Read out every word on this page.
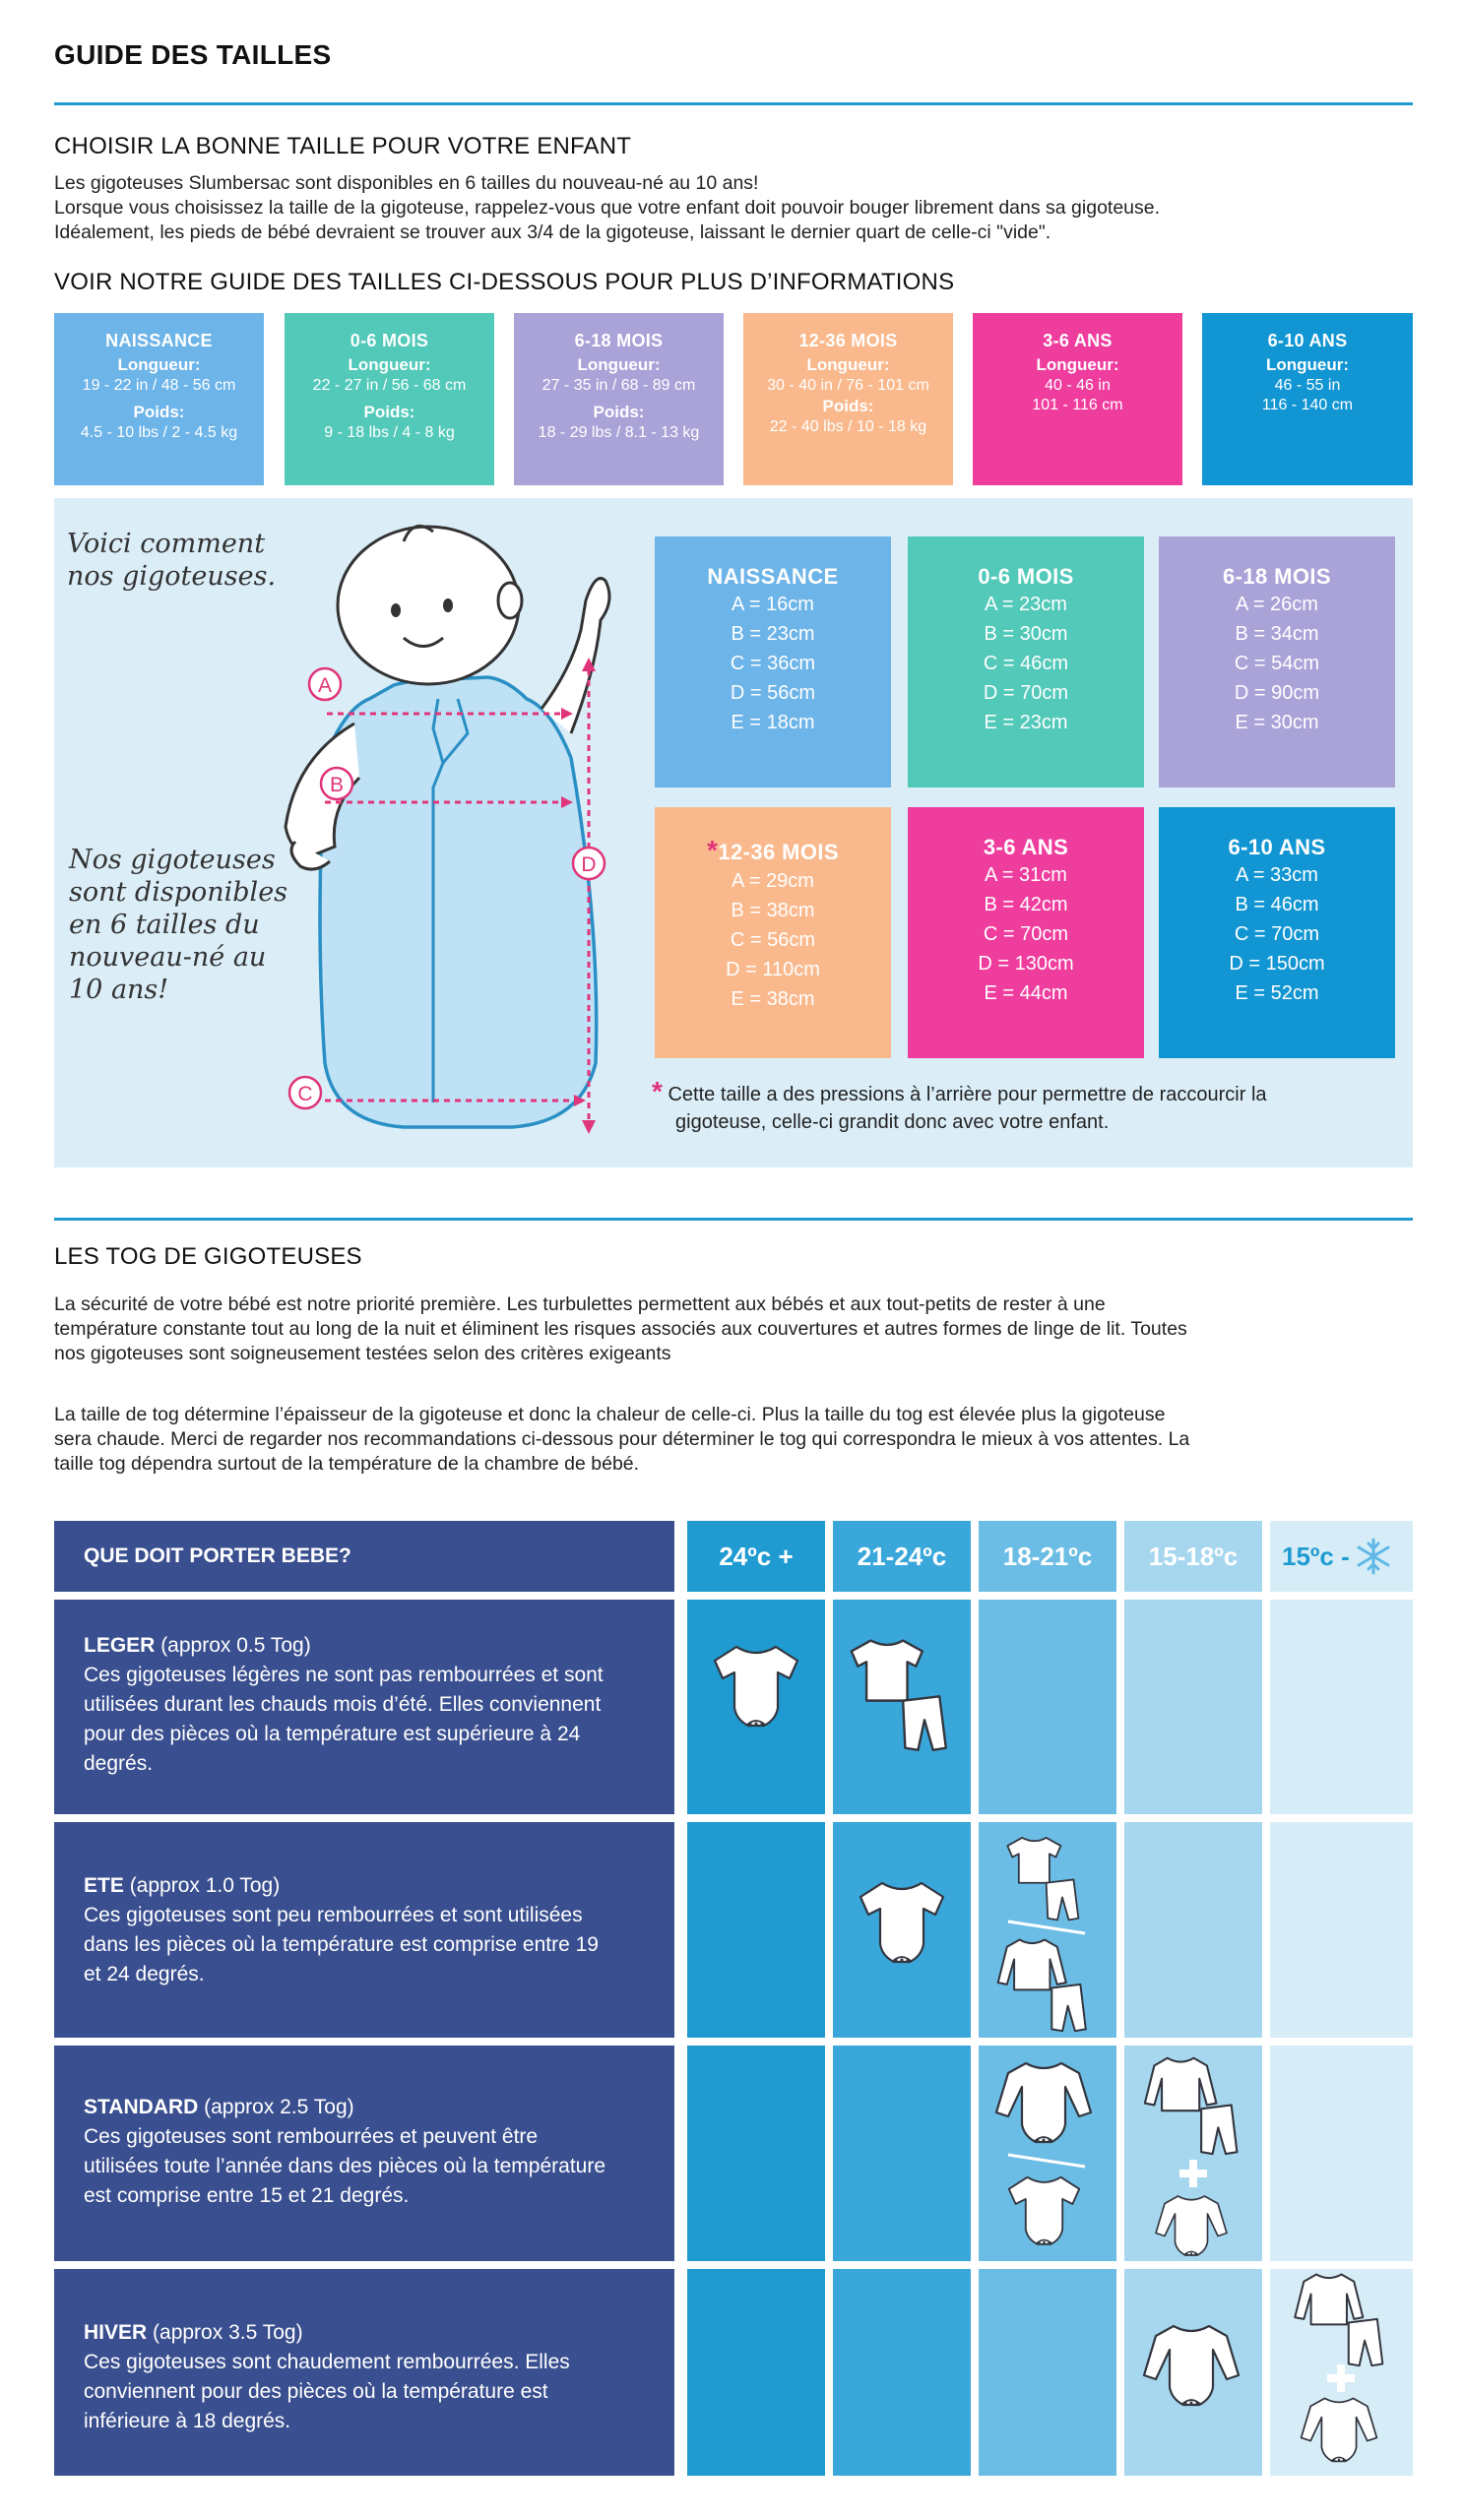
GUIDE DES TAILLES
CHOISIR LA BONNE TAILLE POUR VOTRE ENFANT
Les gigoteuses Slumbersac sont disponibles en 6 tailles du nouveau-né au 10 ans!
Lorsque vous choisissez la taille de la gigoteuse, rappelez-vous que votre enfant doit pouvoir bouger librement dans sa gigoteuse.
Idéalement, les pieds de bébé devraient se trouver aux 3/4 de la gigoteuse, laissant le dernier quart de celle-ci "vide".
VOIR NOTRE GUIDE DES TAILLES CI-DESSOUS POUR PLUS D’INFORMATIONS
NAISSANCE
Longueur:
19 - 22 in / 48 - 56 cm
Poids:
4.5 - 10 lbs / 2 - 4.5 kg
0-6 MOIS
Longueur:
22 - 27 in / 56 - 68 cm
Poids:
9 - 18 lbs / 4 - 8 kg
6-18 MOIS
Longueur:
27 - 35 in / 68 - 89 cm
Poids:
18 - 29 lbs / 8.1 - 13 kg
12-36 MOIS
Longueur:
30 - 40 in / 76 - 101 cm
Poids:
22 - 40 lbs / 10 - 18 kg
3-6 ANS
Longueur:
40 - 46 in
101 - 116 cm
6-10 ANS
Longueur:
46 - 55 in
116 - 140 cm
Voici comment
nos gigoteuses.
Nos gigoteuses
sont disponibles
en 6 tailles du
nouveau-né au
10 ans!
A
B
C
D
NAISSANCE
A = 16cm
B = 23cm
C = 36cm
D = 56cm
E = 18cm
0-6 MOIS
A = 23cm
B = 30cm
C = 46cm
D = 70cm
E = 23cm
6-18 MOIS
A = 26cm
B = 34cm
C = 54cm
D = 90cm
E = 30cm
*12-36 MOIS
A = 29cm
B = 38cm
C = 56cm
D = 110cm
E = 38cm
3-6 ANS
A = 31cm
B = 42cm
C = 70cm
D = 130cm
E = 44cm
6-10 ANS
A = 33cm
B = 46cm
C = 70cm
D = 150cm
E = 52cm
* Cette taille a des pressions à l’arrière pour permettre de raccourcir la
gigoteuse, celle-ci grandit donc avec votre enfant.
LES TOG DE GIGOTEUSES
La sécurité de votre bébé est notre priorité première. Les turbulettes permettent aux bébés et aux tout-petits de rester à une
température constante tout au long de la nuit et éliminent les risques associés aux couvertures et autres formes de linge de lit. Toutes
nos gigoteuses sont soigneusement testées selon des critères exigeants
La taille de tog détermine l’épaisseur de la gigoteuse et donc la chaleur de celle-ci. Plus la taille du tog est élevée plus la gigoteuse
sera chaude. Merci de regarder nos recommandations ci-dessous pour déterminer le tog qui correspondra le mieux à vos attentes. La
taille tog dépendra surtout de la température de la chambre de bébé.
QUE DOIT PORTER BEBE?	24ºc +	21-24ºc	18-21ºc	15-18ºc	15ºc -
LEGER (approx 0.5 Tog)
Ces gigoteuses légères ne sont pas rembourrées et sont
utilisées durant les chauds mois d’été. Elles conviennent
pour des pièces où la température est supérieure à 24
degrés.
ETE (approx 1.0 Tog)
Ces gigoteuses sont peu rembourrées et sont utilisées
dans les pièces où la température est comprise entre 19
et 24 degrés.
STANDARD (approx 2.5 Tog)
Ces gigoteuses sont rembourrées et peuvent être
utilisées toute l’année dans des pièces où la température
est comprise entre 15 et 21 degrés.
HIVER (approx 3.5 Tog)
Ces gigoteuses sont chaudement rembourrées. Elles
conviennent pour des pièces où la température est
inférieure à 18 degrés.
